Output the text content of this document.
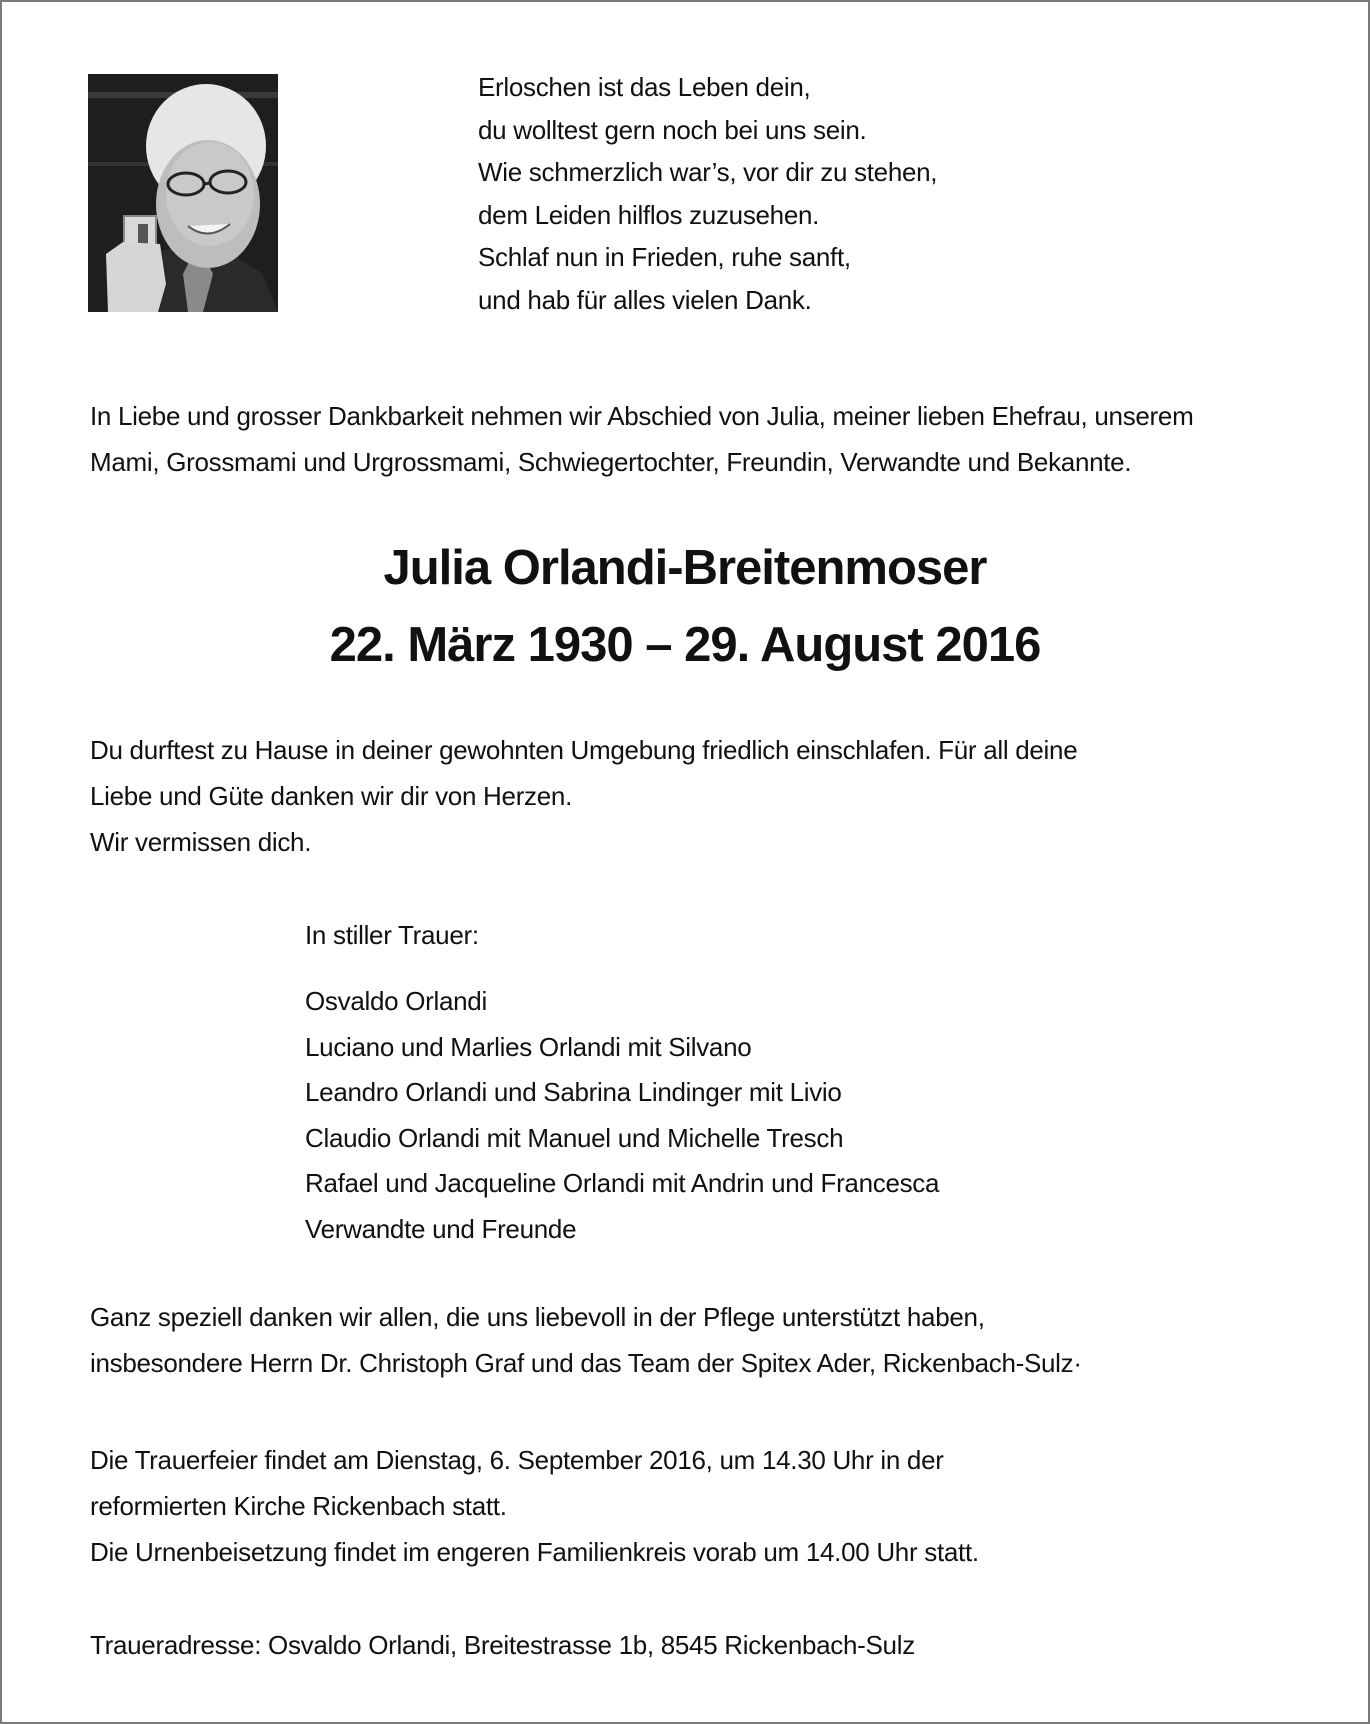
Erloschen ist das Leben dein,
du wolltest gern noch bei uns sein.
Wie schmerzlich war’s, vor dir zu stehen,
dem Leiden hilflos zuzusehen.
Schlaf nun in Frieden, ruhe sanft,
und hab für alles vielen Dank.
In Liebe und grosser Dankbarkeit nehmen wir Abschied von Julia, meiner lieben Ehefrau, unserem
Mami, Grossmami und Urgrossmami, Schwiegertochter, Freundin, Verwandte und Bekannte.
Julia Orlandi-Breitenmoser
22. März 1930 – 29. August 2016
Du durftest zu Hause in deiner gewohnten Umgebung friedlich einschlafen. Für all deine
Liebe und Güte danken wir dir von Herzen.
Wir vermissen dich.
In stiller Trauer:
Osvaldo Orlandi
Luciano und Marlies Orlandi mit Silvano
Leandro Orlandi und Sabrina Lindinger mit Livio
Claudio Orlandi mit Manuel und Michelle Tresch
Rafael und Jacqueline Orlandi mit Andrin und Francesca
Verwandte und Freunde
Ganz speziell danken wir allen, die uns liebevoll in der Pflege unterstützt haben,
insbesondere Herrn Dr. Christoph Graf und das Team der Spitex Ader, Rickenbach-Sulz·
Die Trauerfeier findet am Dienstag, 6. September 2016, um 14.30 Uhr in der
reformierten Kirche Rickenbach statt.
Die Urnenbeisetzung findet im engeren Familienkreis vorab um 14.00 Uhr statt.
Traueradresse: Osvaldo Orlandi, Breitestrasse 1b, 8545 Rickenbach-Sulz
